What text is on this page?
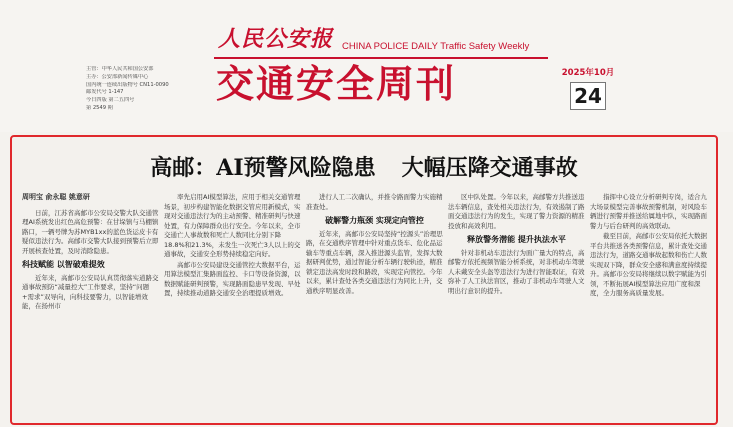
主管：中华人民共和国公安部
主办：公安部新闻传媒中心
国内统一连续出版物号 CN11-0090
邮发代号 1-147
今日四版 第二五四号
第 2549 期
人民公安报 CHINA POLICE DAILY Traffic Safety Weekly
交通安全周刊	2025年10月
24
高邮：AI预警风险隐患 大幅压降交通事故

周明宝 俞永聪 姚意研

日前，江苏省高邮市公安局交警大队交通管理AI系统发出红色高危预警：在甘垛镇与马棚镇路口，一辆号牌为苏MYB1xx的蓝色货运皮卡有疑似违法行为。高邮市交警大队接到预警后立即开展核查处置，及时消除隐患。

科技赋能 以智破难提效

近年来，高邮市公安局认真贯彻落实道路交通事故预防“减量控大”工作要求，坚持“问题+需求”双导向，向科技要警力，以智能增效能，在扬州市

率先启用AI模型算法，应用于相关交通管理场景，初步构建智能化数据交管应用新模式，实现对交通违法行为的主动预警、精准研判与快速处置，有力保障群众出行安全。今年以来，全市交通亡人事故数和死亡人数同比分别下降18.8%和21.3%，未发生一次死亡3人以上的交通事故，交通安全形势持续稳定向好。

高邮市公安局建设交通管控大数据平台，运用算法模型汇集路面监控、卡口等设备资源，以数据赋能研判预警，实现路面隐患早发现、早处置，持续推动道路交通安全治理提质增效。

进行人工二次确认，并推令路面警力实施精准查处。

破解警力瓶颈 实现定向管控

近年来，高邮市公安局坚持“控源头”治理思路，在交通秩序管理中针对重点货车、危化品运输车等重点车辆，深入推进源头监管，发挥大数据研判优势，通过智能分析车辆行驶轨迹，精准锁定违法高发时段和路段，实现定向管控。今年以来，累计查处各类交通违法行为同比上升，交通秩序明显改善。

区中队处置。今年以来，高邮警方共推送违法车辆信息，查处相关违法行为，有效遏制了路面交通违法行为的发生，实现了警力资源的精准投放和高效利用。

释放警务潜能 提升执法水平

针对非机动车违法行为面广量大的特点，高邮警方依托视频智能分析系统，对非机动车驾驶人未戴安全头盔等违法行为进行智能取证，有效弥补了人工执法盲区，推动了非机动车驾驶人文明出行意识的提升。

指挥中心设立分析研判专岗，适合九大场景模型完善事故预警机制，对风险车辆进行预警并推送给属地中队，实现路面警力与后台研判的高效联动。

截至目前，高邮市公安局依托大数据平台共推送各类预警信息，累计查处交通违法行为，道路交通事故起数和伤亡人数实现双下降，群众安全感和满意度持续提升。高邮市公安局将继续以数字赋能为引领，不断拓展AI模型算法应用广度和深度，全力服务高质量发展。
